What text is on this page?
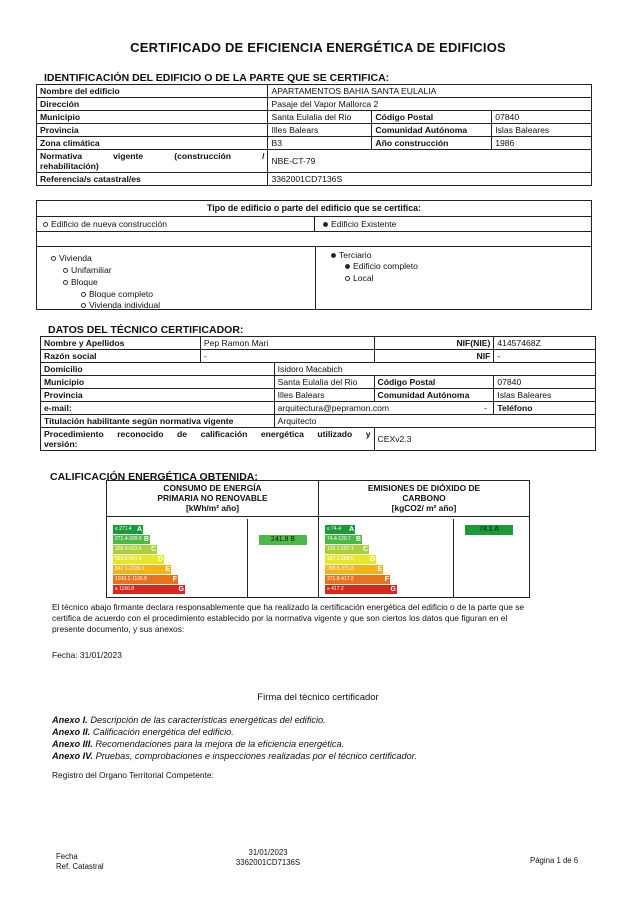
CERTIFICADO DE EFICIENCIA ENERGÉTICA DE EDIFICIOS
IDENTIFICACIÓN DEL EDIFICIO O DE LA PARTE QUE SE CERTIFICA:
Nombre del edificio	APARTAMENTOS BAHIA SANTA EULALIA		
Dirección	Pasaje del Vapor Mallorca 2		
Municipio	Santa Eulalia del Rio	Código Postal	07840
Provincia	Illes Balears	Comunidad Autónoma	Islas Baleares
Zona climática	B3	Año construcción	1986

Normativa vigente (construcción /
rehabilitación)	NBE-CT-79		
Referencia/s catastral/es	3362001CD7136S		
Tipo de edificio o parte del edificio que se certifica:
Edificio de nueva construcción	Edificio Existente
Vivienda
Unifamiliar
Bloque
Bloque completo
Vivienda individual
Terciario
Edificio completo
Local
DATOS DEL TÉCNICO CERTIFICADOR:
Nombre y Apellidos	Pep Ramon Mari		NIF(NIE)	41457468Z
Razón social	-		NIF	-
Domicilio		Isidoro Macabich		
Municipio		Santa Eulalia del Rio	Código Postal	07840
Provincia		Illes Balears	Comunidad Autónoma	Islas Baleares
e-mail:		arquitectura@pepramon.com		Teléfono
Titulación habilitante según normativa vigente		Arquitecto		

Procedimiento reconocido de calificación energética utilizado y
versión:			CEXv2.3	
-
CALIFICACIÓN ENERGÉTICA OBTENIDA:
CONSUMO DE ENERGÍA
PRIMARIA NO RENOVABLE
[kWh/m² año]
EMISIONES DE DIÓXIDO DE
CARBONO
[kgCO2/ m² año]
≤ 271.4 A
271.4-399.9 B
399.9-563.6 C
563.6-847.1 D
847.1-1039.1	E
1039.1-1166.8	F
≥ 1166.8	G
241.9 B
≤ 74.4 A
74.4-120.7 B
120.7-187.1 C
187.1-288.5 D
288.5-371.8	E
371.8-417.2	F
≥ 417.2	G
74.1 A
El técnico abajo firmante declara responsablemente que ha realizado la certificación energética del edificio o de la parte que se
certifica de acuerdo con el procedimiento establecido por la normativa vigente y que son ciertos los datos que figuran en el
presente documento, y sus anexos:
Fecha: 31/01/2023
Firma del técnico certificador
Anexo I. Descripción de las características energéticas del edificio.
Anexo II. Calificación energética del edificio.
Anexo III. Recomendaciones para la mejora de la eficiencia energética.
Anexo IV. Pruebas, comprobaciones e inspecciones realizadas por el técnico certificador.
Registro del Organo Territorial Competente:
Fecha
Ref. Catastral
31/01/2023
3362001CD7136S	Página 1 de 6
